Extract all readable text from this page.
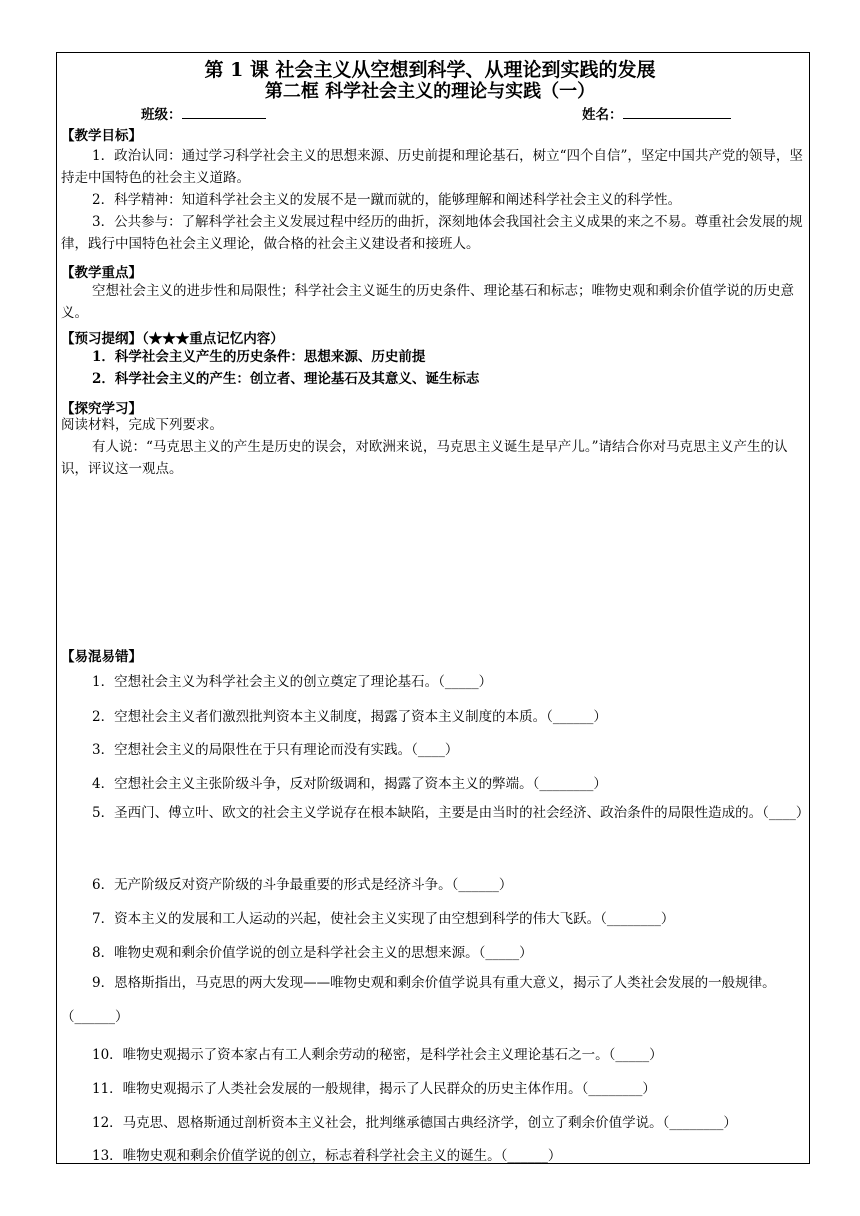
第 1 课 社会主义从空想到科学、从理论到实践的发展
第二框 科学社会主义的理论与实践（一）
班级：	姓名：
【教学目标】
1．政治认同：通过学习科学社会主义的思想来源、历史前提和理论基石，树立“四个自信”，坚定中国共产党的领导，坚持走中国特色的社会主义道路。
2．科学精神：知道科学社会主义的发展不是一蹴而就的，能够理解和阐述科学社会主义的科学性。
3．公共参与：了解科学社会主义发展过程中经历的曲折，深刻地体会我国社会主义成果的来之不易。尊重社会发展的规律，践行中国特色社会主义理论，做合格的社会主义建设者和接班人。
【教学重点】
空想社会主义的进步性和局限性；科学社会主义诞生的历史条件、理论基石和标志；唯物史观和剩余价值学说的历史意义。
【预习提纲】（★★★重点记忆内容）
1．科学社会主义产生的历史条件：思想来源、历史前提
2．科学社会主义的产生：创立者、理论基石及其意义、诞生标志
【探究学习】
阅读材料，完成下列要求。
有人说：“马克思主义的产生是历史的误会，对欧洲来说，马克思主义诞生是早产儿。”请结合你对马克思主义产生的认识，评议这一观点。
【易混易错】
1．空想社会主义为科学社会主义的创立奠定了理论基石。（_____）
2．空想社会主义者们激烈批判资本主义制度，揭露了资本主义制度的本质。（______）
3．空想社会主义的局限性在于只有理论而没有实践。（____）
4．空想社会主义主张阶级斗争，反对阶级调和，揭露了资本主义的弊端。（________）
5．圣西门、傅立叶、欧文的社会主义学说存在根本缺陷，主要是由当时的社会经济、政治条件的局限性造成的。（____）
6．无产阶级反对资产阶级的斗争最重要的形式是经济斗争。（______）
7．资本主义的发展和工人运动的兴起，使社会主义实现了由空想到科学的伟大飞跃。（________）
8．唯物史观和剩余价值学说的创立是科学社会主义的思想来源。（_____）
9．恩格斯指出，马克思的两大发现——唯物史观和剩余价值学说具有重大意义，揭示了人类社会发展的一般规律。（______）
10．唯物史观揭示了资本家占有工人剩余劳动的秘密，是科学社会主义理论基石之一。（_____）
11．唯物史观揭示了人类社会发展的一般规律，揭示了人民群众的历史主体作用。（________）
12．马克思、恩格斯通过剖析资本主义社会，批判继承德国古典经济学，创立了剩余价值学说。（________）
13．唯物史观和剩余价值学说的创立，标志着科学社会主义的诞生。（______）
